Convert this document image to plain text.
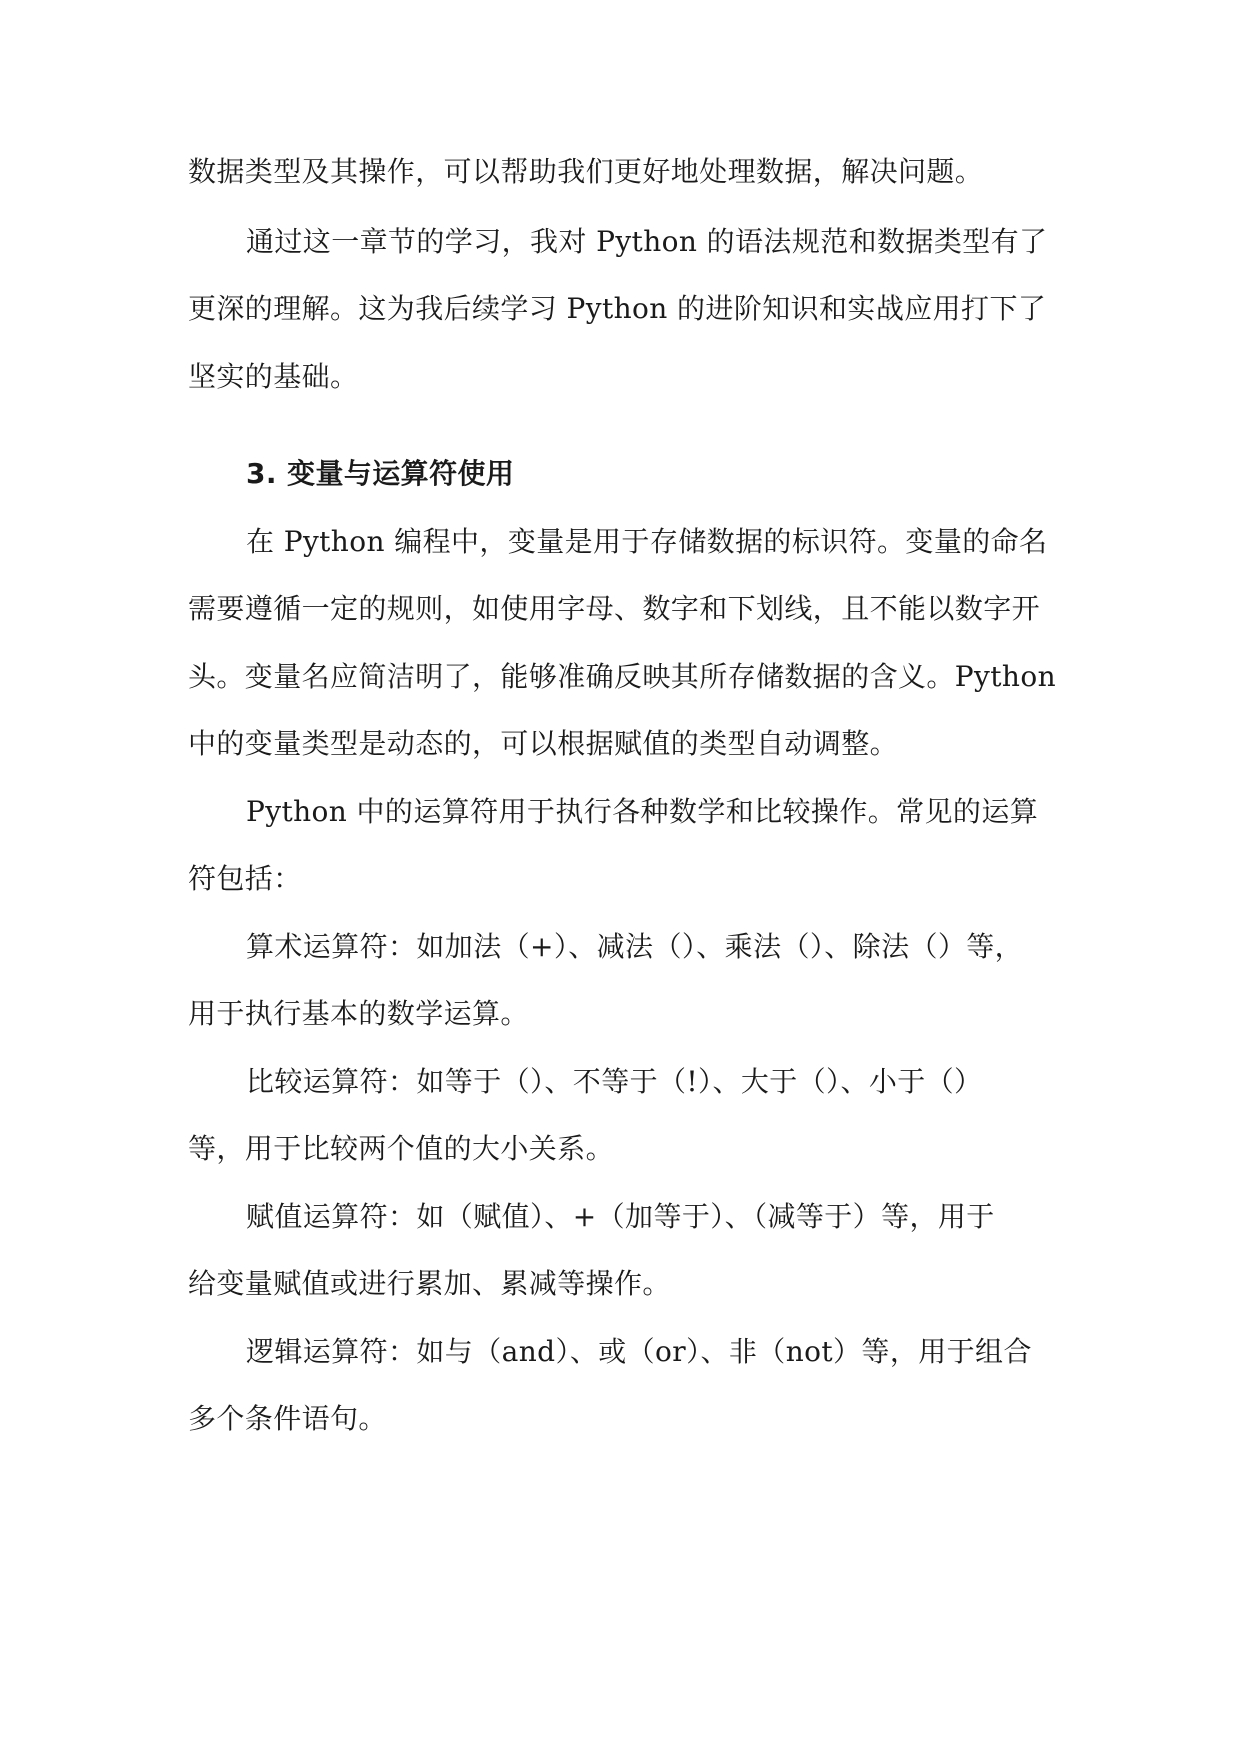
数据类型及其操作，可以帮助我们更好地处理数据，解决问题。
通过这一章节的学习，我对 Python 的语法规范和数据类型有了
更深的理解。这为我后续学习 Python 的进阶知识和实战应用打下了
坚实的基础。
3. 变量与运算符使用
在 Python 编程中，变量是用于存储数据的标识符。变量的命名
需要遵循一定的规则，如使用字母、数字和下划线，且不能以数字开
头。变量名应简洁明了，能够准确反映其所存储数据的含义。Python
中的变量类型是动态的，可以根据赋值的类型自动调整。
Python 中的运算符用于执行各种数学和比较操作。常见的运算
符包括：
算术运算符：如加法（+）、减法（）、乘法（）、除法（）等，
用于执行基本的数学运算。
比较运算符：如等于（）、不等于（!）、大于（）、小于（）
等，用于比较两个值的大小关系。
赋值运算符：如（赋值）、+（加等于）、（减等于）等，用于
给变量赋值或进行累加、累减等操作。
逻辑运算符：如与（and）、或（or）、非（not）等，用于组合
多个条件语句。
